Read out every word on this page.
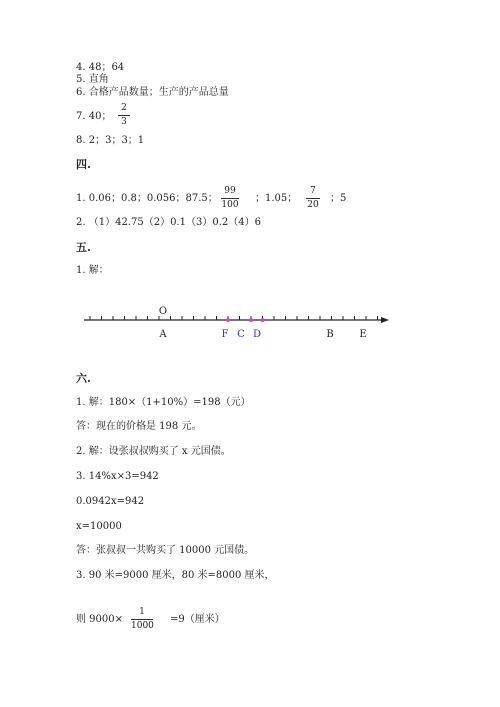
4. 48；64
5. 直角
6. 合格产品数量；生产的产品总量
7. 40；
2
3
8. 2；3；3；1
四.
1. 0.06；0.8；0.056；87.5；
99
100
；1.05；
7
20
；5
2. （1）42.75（2）0.1（3）0.2（4）6
五.
1. 解：
O
A	F C D	B	E
六.
1. 解：180×（1+10%）=198（元）
答：现在的价格是 198 元。
2. 解：设张叔叔购买了 x 元国债。
3. 14%x×3=942
0.0942x=942
x=10000
答：张叔叔一共购买了 10000 元国债。
3. 90 米=9000 厘米，80 米=8000 厘米，
则 9000×
1
1000
=9（厘米）
